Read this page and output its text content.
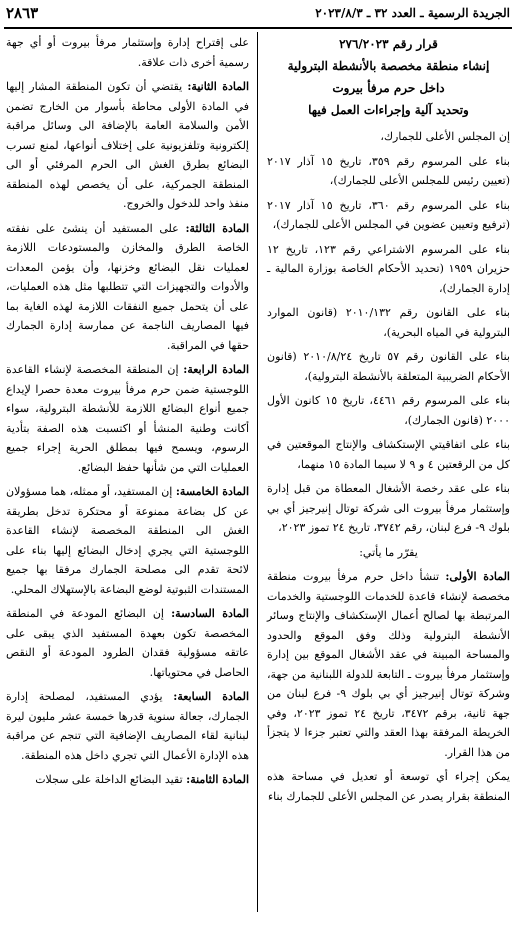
الجريدة الرسمية ـ العدد ٣٢ ـ ٢٠٢٣/٨/٣
٢٨٦٣
قرار رقم ٢٧٦/٢٠٢٣
إنشاء منطقة مخصصة بالأنشطة البترولية
داخل حرم مرفأ بيروت
وتحديد آلية وإجراءات العمل فيها

إن المجلس الأعلى للجمارك،

بناء على المرسوم رقم ٣٥٩، تاريخ ١٥ آذار ٢٠١٧ (تعيين رئيس للمجلس الأعلى للجمارك)،

بناء على المرسوم رقم ٣٦٠، تاريخ ١٥ آذار ٢٠١٧ (ترفيع وتعيين عضوين في المجلس الأعلى للجمارك)،

بناء على المرسوم الاشتراعي رقم ١٢٣، تاريخ ١٢ حزيران ١٩٥٩ (تحديد الأحكام الخاصة بوزارة المالية ـ إدارة الجمارك)،

بناء على القانون رقم ٢٠١٠/١٣٢ (قانون الموارد البترولية في المياه البحرية)،

بناء على القانون رقم ٥٧ تاريخ ٢٠١٠/٨/٢٤ (قانون الأحكام الضريبية المتعلقة بالأنشطة البترولية)،

بناء على المرسوم رقم ٤٤٦١، تاريخ ١٥ كانون الأول ٢٠٠٠ (قانون الجمارك)،

بناء على اتفاقيتي الإستكشاف والإنتاج الموقعتين في كل من الرقعتين ٤ و ٩ لا سيما المادة ١٥ منهما،

بناء على عقد رخصة الأشغال المعطاة من قبل إدارة وإستثمار مرفأ بيروت الى شركة توتال إنيرجيز أي بي بلوك ٩- فرع لبنان، رقم ٣٧٤٢، تاريخ ٢٤ تموز ٢٠٢٣،

يقرّر ما يأتي:

المادة الأولى: تنشأ داخل حرم مرفأ بيروت منطقة مخصصة لإنشاء قاعدة للخدمات اللوجستية والخدمات المرتبطة بها لصالح أعمال الإستكشاف والإنتاج وسائر الأنشطة البترولية وذلك وفق الموقع والحدود والمساحة المبينة في عقد الأشغال الموقع بين إدارة وإستثمار مرفأ بيروت ـ التابعة للدولة اللبنانية من جهة، وشركة توتال إنيرجيز أي بي بلوك ٩- فرع لبنان من جهة ثانية، برقم ٣٤٧٢، تاريخ ٢٤ تموز ٢٠٢٣، وفي الخريطة المرفقة بهذا العقد والتي تعتبر جزءا لا يتجزأ من هذا القرار.

يمكن إجراء أي توسعة أو تعديل في مساحة هذه المنطقة بقرار يصدر عن المجلس الأعلى للجمارك بناء

على إقتراح إدارة وإستثمار مرفأ بيروت أو أي جهة رسمية أخرى ذات علاقة.

المادة الثانية: يقتضي أن تكون المنطقة المشار إليها في المادة الأولى محاطة بأسوار من الخارج تضمن الأمن والسلامة العامة بالإضافة الى وسائل مراقبة إلكترونية وتلفزيونية على إختلاف أنواعها، لمنع تسرب البضائع بطرق الغش الى الحرم المرفئي أو الى المنطقة الجمركية، على أن يخصص لهذه المنطقة منفذ واحد للدخول والخروج.

المادة الثالثة: على المستفيد أن ينشئ على نفقته الخاصة الطرق والمخازن والمستودعات اللازمة لعمليات نقل البضائع وخزنها، وأن يؤمن المعدات والأدوات والتجهيزات التي تتطلبها مثل هذه العمليات، على أن يتحمل جميع النفقات اللازمة لهذه الغاية بما فيها المصاريف الناجمة عن ممارسة إدارة الجمارك حقها في المراقبة.

المادة الرابعة: إن المنطقة المخصصة لإنشاء القاعدة اللوجستية ضمن حرم مرفأ بيروت معدة حصرا لإيداع جميع أنواع البضائع اللازمة للأنشطة البترولية، سواء أكانت وطنية المنشأ أو اكتسبت هذه الصفة بتأدية الرسوم، ويسمح فيها بمطلق الحرية إجراء جميع العمليات التي من شأنها حفظ البضائع.

المادة الخامسة: إن المستفيد، أو ممثله، هما مسؤولان عن كل بضاعة ممنوعة أو محتكرة تدخل بطريقة الغش الى المنطقة المخصصة لإنشاء القاعدة اللوجستية التي يجري إدخال البضائع إليها بناء على لائحة تقدم الى مصلحة الجمارك مرفقا بها جميع المستندات الثبوتية لوضع البضاعة بالإستهلاك المحلي.

المادة السادسة: إن البضائع المودعة في المنطقة المخصصة تكون بعهدة المستفيد الذي يبقى على عاتقه مسؤولية فقدان الطرود المودعة أو النقص الحاصل في محتوياتها.

المادة السابعة: يؤدي المستفيد، لمصلحة إدارة الجمارك، جعالة سنوية قدرها خمسة عشر مليون ليرة لبنانية لقاء المصاريف الإضافية التي تنجم عن مراقبة هذه الإدارة الأعمال التي تجري داخل هذه المنطقة.

المادة الثامنة: تقيد البضائع الداخلة على سجلات
